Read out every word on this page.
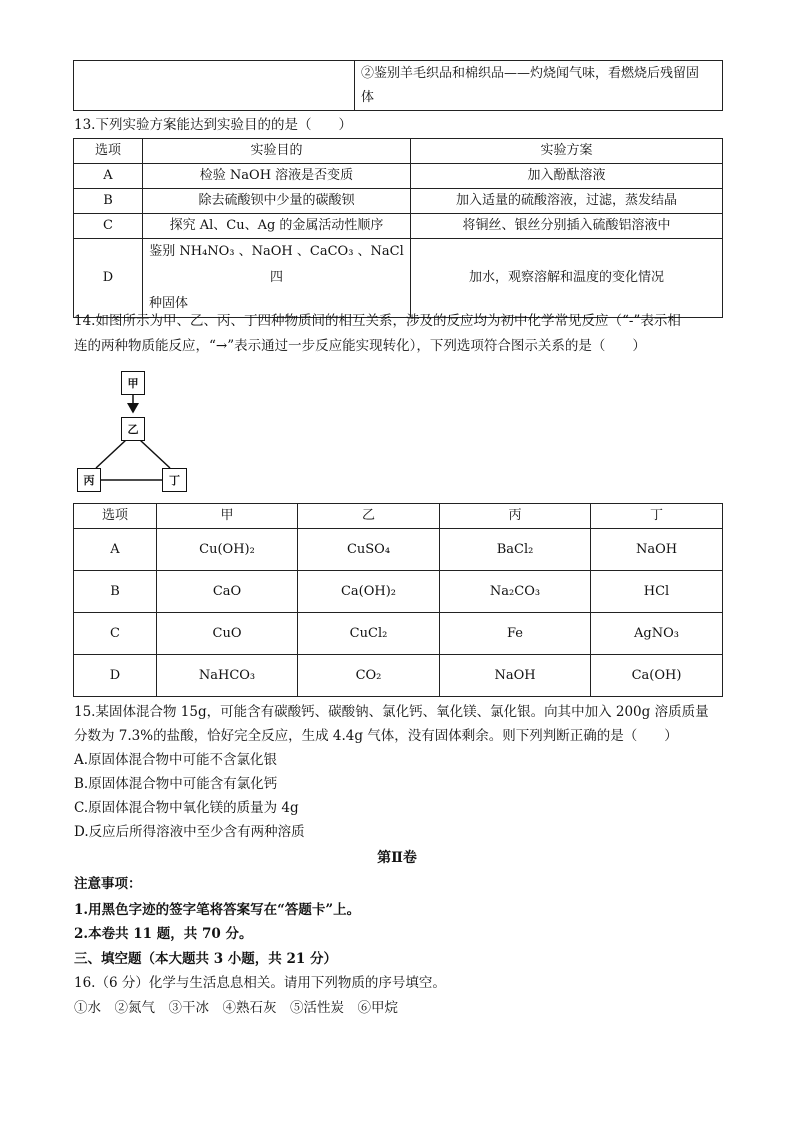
②鉴别羊毛织品和棉织品——灼烧闻气味，看燃烧后残留固
体
13.下列实验方案能达到实验目的的是（　　）
选项	实验目的	实验方案
A	检验 NaOH 溶液是否变质	加入酚酞溶液
B	除去硫酸钡中少量的碳酸钡	加入适量的硫酸溶液，过滤，蒸发结晶
C	探究 Al、Cu、Ag 的金属活动性顺序	将铜丝、银丝分别插入硫酸铝溶液中
D	鉴别 NH₄NO₃ 、NaOH 、CaCO₃ 、NaCl 四
种固体	加水，观察溶解和温度的变化情况
14.如图所示为甲、乙、丙、丁四种物质间的相互关系，涉及的反应均为初中化学常见反应（“-”表示相
连的两种物质能反应，“→”表示通过一步反应能实现转化），下列选项符合图示关系的是（　　）
甲
乙
丙	丁
选项	甲	乙	丙	丁
A	Cu(OH)₂	CuSO₄	BaCl₂	NaOH
B	CaO	Ca(OH)₂	Na₂CO₃	HCl
C	CuO	CuCl₂	Fe	AgNO₃
D	NaHCO₃	CO₂	NaOH	Ca(OH)
15.某固体混合物 15g，可能含有碳酸钙、碳酸钠、氯化钙、氧化镁、氯化银。向其中加入 200g 溶质质量
分数为 7.3%的盐酸，恰好完全反应，生成 4.4g 气体，没有固体剩余。则下列判断正确的是（　　）
A.原固体混合物中可能不含氯化银
B.原固体混合物中可能含有氯化钙
C.原固体混合物中氧化镁的质量为 4g
D.反应后所得溶液中至少含有两种溶质
第Ⅱ卷
注意事项：
1.用黑色字迹的签字笔将答案写在“答题卡”上。
2.本卷共 11 题，共 70 分。
三、填空题（本大题共 3 小题，共 21 分）
16.（6 分）化学与生活息息相关。请用下列物质的序号填空。
①水　②氮气　③干冰　④熟石灰　⑤活性炭　⑥甲烷
